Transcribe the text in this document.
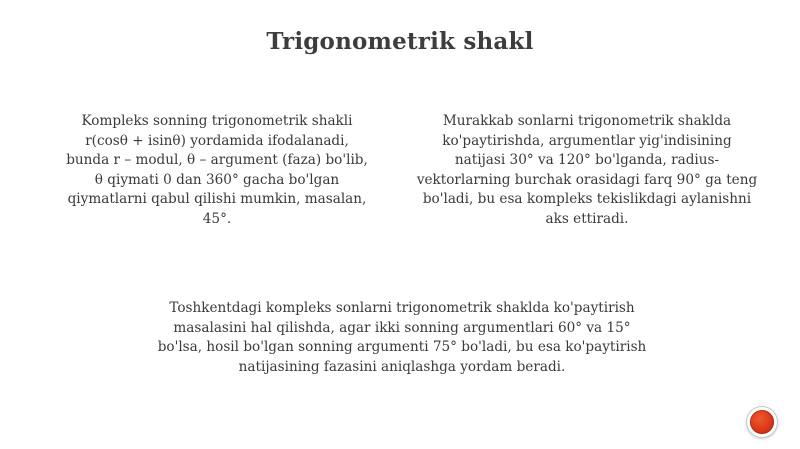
Trigonometrik shakl
Kompleks sonning trigonometrik shakli
r(cosθ + isinθ) yordamida ifodalanadi,
bunda r – modul, θ – argument (faza) bo'lib,
θ qiymati 0 dan 360° gacha bo'lgan
qiymatlarni qabul qilishi mumkin, masalan,
45°.
Murakkab sonlarni trigonometrik shaklda
ko'paytirishda, argumentlar yig'indisining
natijasi 30° va 120° bo'lganda, radius-
vektorlarning burchak orasidagi farq 90° ga teng
bo'ladi, bu esa kompleks tekislikdagi aylanishni
aks ettiradi.
Toshkentdagi kompleks sonlarni trigonometrik shaklda ko'paytirish
masalasini hal qilishda, agar ikki sonning argumentlari 60° va 15°
bo'lsa, hosil bo'lgan sonning argumenti 75° bo'ladi, bu esa ko'paytirish
natijasining fazasini aniqlashga yordam beradi.
